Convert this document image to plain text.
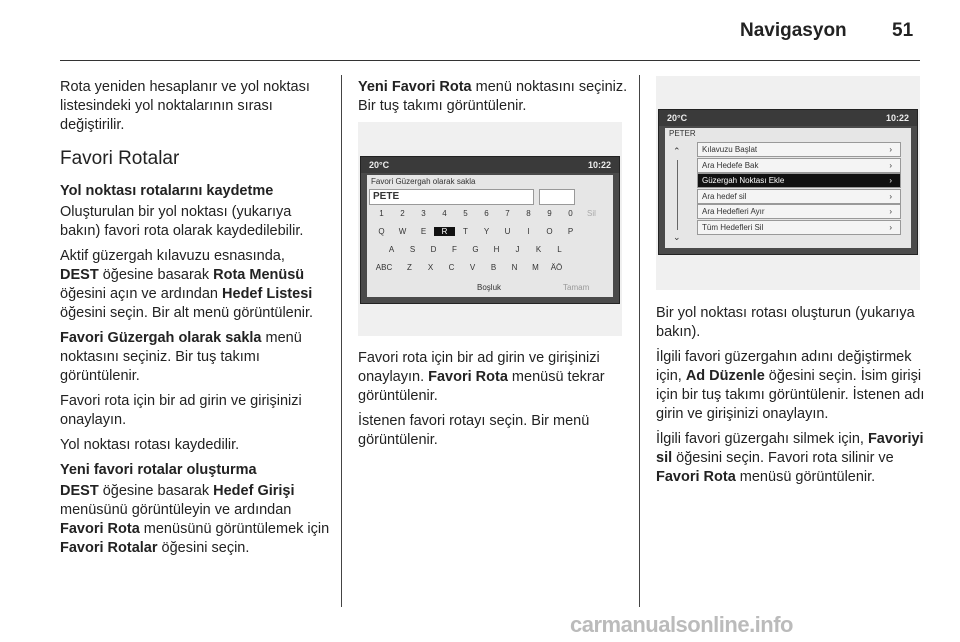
Navigasyon 51

Rota yeniden hesaplanır ve yol noktası listesindeki yol noktalarının sırası değiştirilir.

Favori Rotalar
Yol noktası rotalarını kaydetme

Oluşturulan bir yol noktası (yukarıya bakın) favori rota olarak kaydedilebilir.

Aktif güzergah kılavuzu esnasında,
DEST öğesine basarak Rota Menüsü öğesini açın ve ardından Hedef Listesi öğesini seçin. Bir alt menü görüntülenir.

Favori Güzergah olarak sakla menü noktasını seçiniz. Bir tuş takımı görüntülenir.

Favori rota için bir ad girin ve girişinizi onaylayın.

Yol noktası rotası kaydedilir.

Yeni favori rotalar oluşturma

DEST öğesine basarak Hedef Girişi menüsünü görüntüleyin ve ardından Favori Rota menüsünü görüntülemek için Favori Rotalar öğesini seçin.

Yeni Favori Rota menü noktasını seçiniz. Bir tuş takımı görüntülenir.

20°C	10:22
Favori Güzergah olarak sakla
PETE
1	2	3	4	5	6	7	8	9	0	Sil
Q	W	E	R	T	Y	U	I	O	P
A	S	D	F	G	H	J	K	L
ABC	Z	X	C	V	B	N	M	ÄÖ
Boşluk	Tamam

Favori rota için bir ad girin ve girişinizi onaylayın. Favori Rota menüsü tekrar görüntülenir.

İstenen favori rotayı seçin. Bir menü görüntülenir.

20°C	10:22
PETER
⌃
⌄
Kılavuzu Başlat	›
Ara Hedefe Bak	›
Güzergah Noktası Ekle	›
Ara hedef sil	›
Ara Hedefleri Ayır	›
Tüm Hedefleri Sil	›

Bir yol noktası rotası oluşturun (yukarıya bakın).

İlgili favori güzergahın adını değiştirmek için, Ad Düzenle öğesini seçin. İsim girişi için bir tuş takımı görüntülenir. İstenen adı girin ve girişinizi onaylayın.

İlgili favori güzergahı silmek için, Favoriyi sil öğesini seçin. Favori rota silinir ve Favori Rota menüsü görüntülenir.

carmanualsonline.info
